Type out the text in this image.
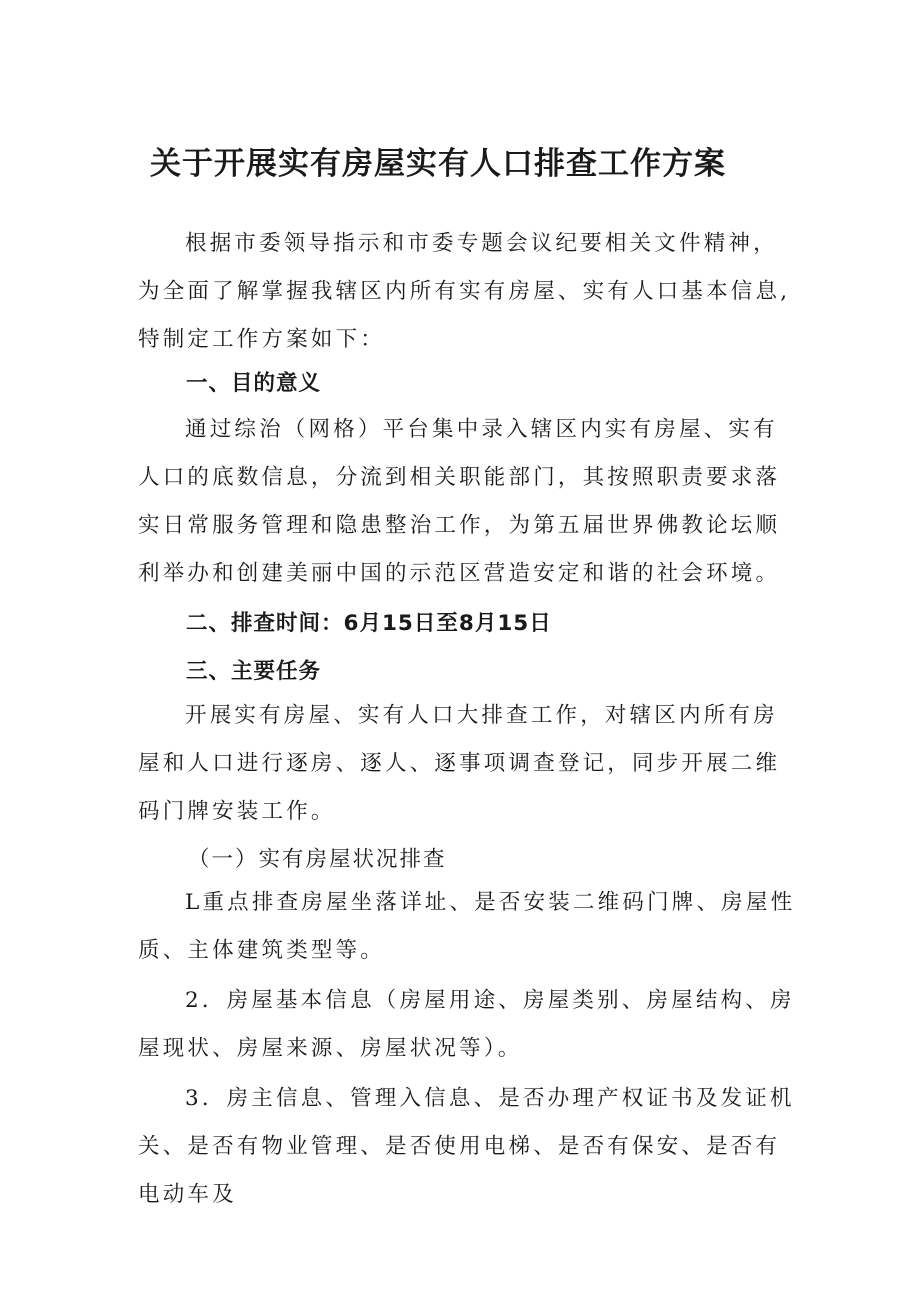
关于开展实有房屋实有人口排查工作方案

根据市委领导指示和市委专题会议纪要相关文件精神，为全面了解掌握我辖区内所有实有房屋、实有人口基本信息,特制定工作方案如下：

一、目的意义

通过综治（网格）平台集中录入辖区内实有房屋、实有人口的底数信息，分流到相关职能部门，其按照职责要求落实日常服务管理和隐患整治工作，为第五届世界佛教论坛顺利举办和创建美丽中国的示范区营造安定和谐的社会环境。

二、排查时间：6月15日至8月15日
三、主要任务

开展实有房屋、实有人口大排查工作，对辖区内所有房屋和人口进行逐房、逐人、逐事项调查登记，同步开展二维码门牌安装工作。

（一）实有房屋状况排查

L重点排查房屋坐落详址、是否安装二维码门牌、房屋性质、主体建筑类型等。

2．房屋基本信息（房屋用途、房屋类别、房屋结构、房屋现状、房屋来源、房屋状况等）。

3．房主信息、管理入信息、是否办理产权证书及发证机关、是否有物业管理、是否使用电梯、是否有保安、是否有电动车及
